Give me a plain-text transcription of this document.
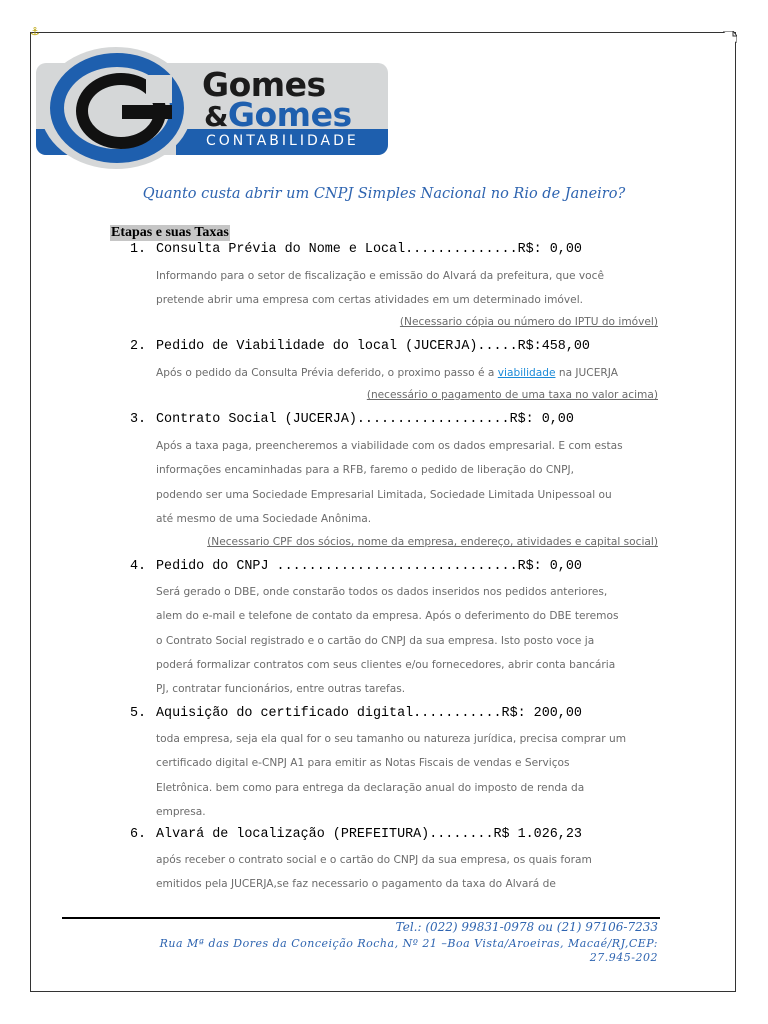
⚓
Gomes
&Gomes
CONTABILIDADE
Quanto custa abrir um CNPJ Simples Nacional no Rio de Janeiro?
Etapas e suas Taxas
1. Consulta Prévia do Nome e Local..............R$: 0,00
Informando para o setor de fiscalização e emissão do Alvará da prefeitura, que você
pretende abrir uma empresa com certas atividades em um determinado imóvel.
(Necessario cópia ou número do IPTU do imóvel)
2. Pedido de Viabilidade do local (JUCERJA).....R$:458,00
Após o pedido da Consulta Prévia deferido, o proximo passo é a viabilidade na JUCERJA
(necessário o pagamento de uma taxa no valor acima)
3. Contrato Social (JUCERJA)...................R$: 0,00
Após a taxa paga, preencheremos a viabilidade com os dados empresarial. E com estas
informações encaminhadas para a RFB, faremo o pedido de liberação do CNPJ,
podendo ser uma Sociedade Empresarial Limitada, Sociedade Limitada Unipessoal ou
até mesmo de uma Sociedade Anônima.
(Necessario CPF dos sócios, nome da empresa, endereço, atividades e capital social)
4. Pedido do CNPJ ..............................R$: 0,00
Será gerado o DBE, onde constarão todos os dados inseridos nos pedidos anteriores,
alem do e-mail e telefone de contato da empresa. Após o deferimento do DBE teremos
o Contrato Social registrado e o cartão do CNPJ da sua empresa. Isto posto voce ja
poderá formalizar contratos com seus clientes e/ou fornecedores, abrir conta bancária
PJ, contratar funcionários, entre outras tarefas.
5. Aquisição do certificado digital...........R$: 200,00
toda empresa, seja ela qual for o seu tamanho ou natureza jurídica, precisa comprar um
certificado digital e-CNPJ A1 para emitir as Notas Fiscais de vendas e Serviços
Eletrônica. bem como para entrega da declaração anual do imposto de renda da
empresa.
6. Alvará de localização (PREFEITURA)........R$ 1.026,23
após receber o contrato social e o cartão do CNPJ da sua empresa, os quais foram
emitidos pela JUCERJA,se faz necessario o pagamento da taxa do Alvará de
Tel.: (022) 99831-0978 ou (21) 97106-7233
Rua Mª das Dores da Conceição Rocha, Nº 21 –Boa Vista/Aroeiras, Macaé/RJ,CEP:
27.945-202
